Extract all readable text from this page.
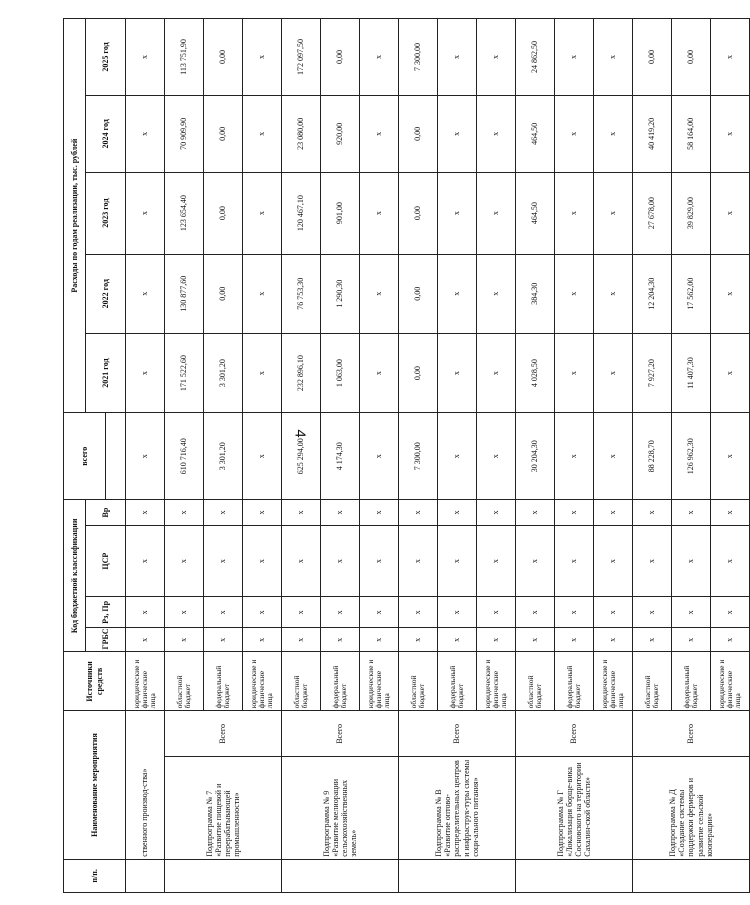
4
п/п.	Наименование мероприятия		Источники средств	Код бюджетной классификации				всего	Расходы по годам реализации, тыс. рублей				
				ГРБС	Рз, Пр	ЦСР	Вр		2021 год	2022 год	2023 год	2024 год	2025 год

	ственного производ-ства»		юридические и физические лица	х	х	х	х	х	х	х	х	х	х
	Подпрограмма № 7 «Развитие пищевой и перерабатывающей промышленности»	Всего	областной бюджет	х	х	х	х	610 716,40	171 522,60	130 877,60	123 654,40	70 909,90	113 751,90
			федеральный бюджет	х	х	х	х	3 301,20	3 301,20	0,00	0,00	0,00	0,00
			юридические и физические лица	х	х	х	х	х	х	х	х	х	х
	Подпрограмма № 9 «Развитие мелиорации сельскохозяйственных земель»	Всего	областной бюджет	х	х	х	х	625 294,00	232 896,10	76 753,30	120 467,10	23 080,00	172 097,50
			федеральный бюджет	х	х	х	х	4 174,30	1 063,00	1 290,30	901,00	920,00	0,00
			юридические и физические лица	х	х	х	х	х	х	х	х	х	х
	Подпрограмма № В «Развитие оптово-распределительных центров и инфраструк-туры системы соци-ального питания»	Всего	областной бюджет	х	х	х	х	7 300,00	0,00	0,00	0,00	0,00	7 300,00
			федеральный бюджет	х	х	х	х	х	х	х	х	х	х
			юридические и физические лица	х	х	х	х	х	х	х	х	х	х
	Подпрограмма № Г «Локализация борще-вика Сосновского на территории Сахалин-ской области»	Всего	областной бюджет	х	х	х	х	30 204,30	4 028,50	384,30	464,50	464,50	24 862,50
			федеральный бюджет	х	х	х	х	х	х	х	х	х	х
			юридические и физические лица	х	х	х	х	х	х	х	х	х	х
	Подпрограмма № Д «Создание системы поддержки фермеров и развитие сельской кооперации»	Всего	областной бюджет	х	х	х	х	88 228,70	7 927,20	12 204,30	27 678,00	40 419,20	0,00
			федеральный бюджет	х	х	х	х	126 962,30	11 407,30	17 562,00	39 829,00	58 164,00	0,00
			юридические и физические лица	х	х	х	х	х	х	х	х	х	х
